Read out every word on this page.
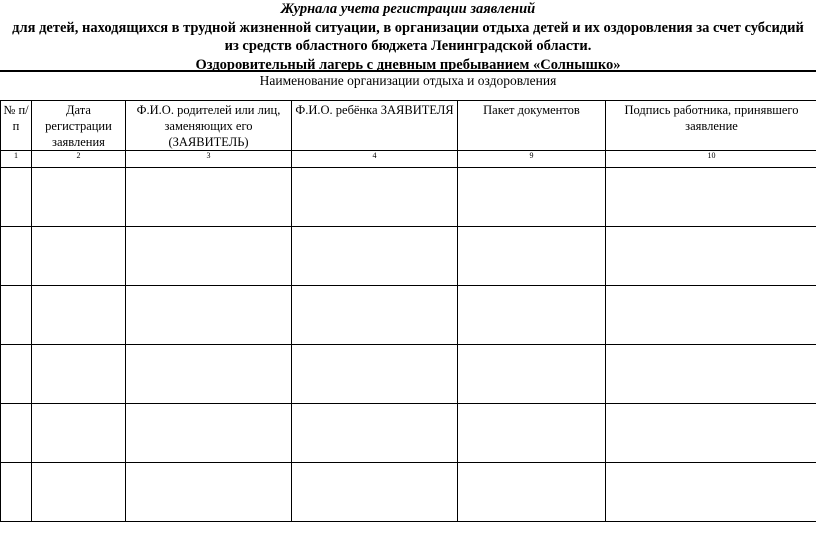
Журнала учета регистрации заявлений
для детей, находящихся в трудной жизненной ситуации, в организации отдыха детей и их оздоровления за счет субсидий
из средств областного бюджета Ленинградской области.
Оздоровительный лагерь с дневным пребыванием «Солнышко»
Наименование организации отдыха и оздоровления
№ п/п	Дата регистрации заявления	Ф.И.О. родителей или лиц, заменяющих его (ЗАЯВИТЕЛЬ)	Ф.И.О. ребёнка ЗАЯВИТЕЛЯ	Пакет документов	Подпись работника, принявшего заявление
1	2	3	4	9	10
